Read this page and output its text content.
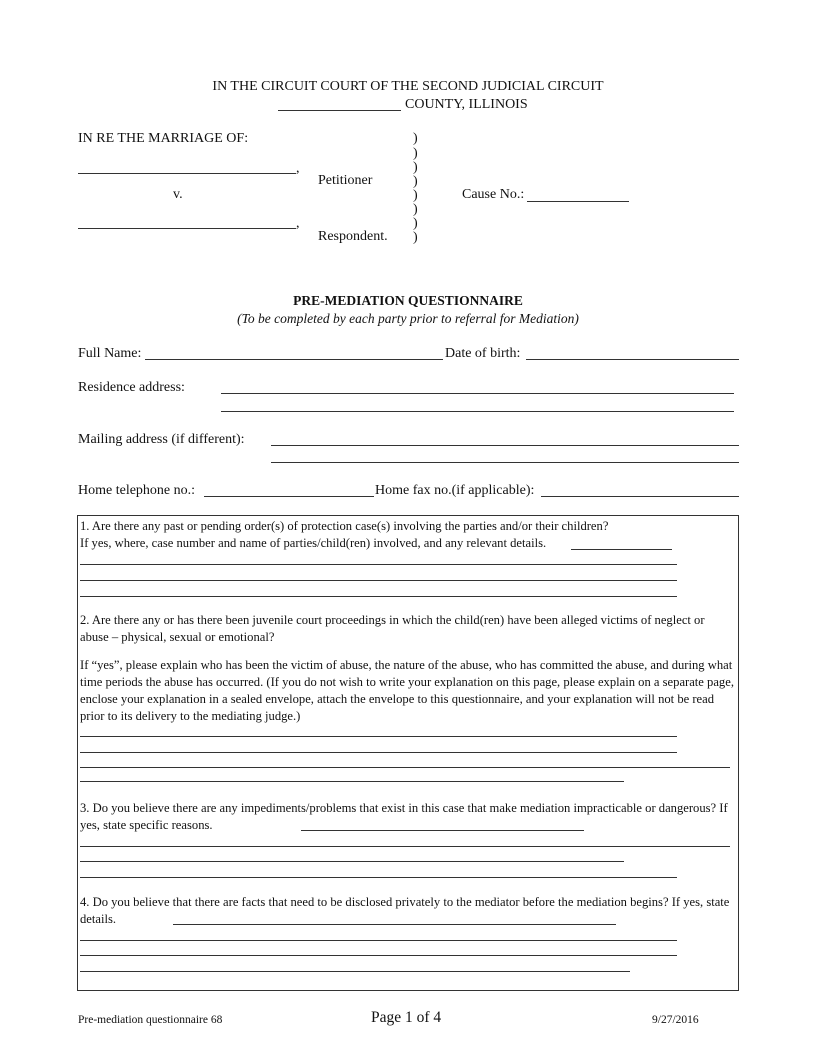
IN THE CIRCUIT COURT OF THE SECOND JUDICIAL CIRCUIT
COUNTY, ILLINOIS
IN RE THE MARRIAGE OF:
,
Petitioner
v.
,
Respondent.
)
)
)
)
)
)
)
)
Cause No.:
PRE-MEDIATION QUESTIONNAIRE
(To be completed by each party prior to referral for Mediation)
Full Name:	Date of birth:
Residence address:
Mailing address (if different):
Home telephone no.:	Home fax no.(if applicable):
1. Are there any past or pending order(s) of protection case(s) involving the parties and/or their children?
If yes, where, case number and name of parties/child(ren) involved, and any relevant details.
2. Are there any or has there been juvenile court proceedings in which the child(ren) have been alleged victims of neglect or abuse – physical, sexual or emotional?
If “yes”, please explain who has been the victim of abuse, the nature of the abuse, who has committed the abuse, and during what time periods the abuse has occurred. (If you do not wish to write your explanation on this page, please explain on a separate page, enclose your explanation in a sealed envelope, attach the envelope to this questionnaire, and your explanation will not be read prior to its delivery to the mediating judge.)
3. Do you believe there are any impediments/problems that exist in this case that make mediation impracticable or dangerous? If yes, state specific reasons.
4. Do you believe that there are facts that need to be disclosed privately to the mediator before the mediation begins? If yes, state details.
Pre-mediation questionnaire 68	Page 1 of 4	9/27/2016
